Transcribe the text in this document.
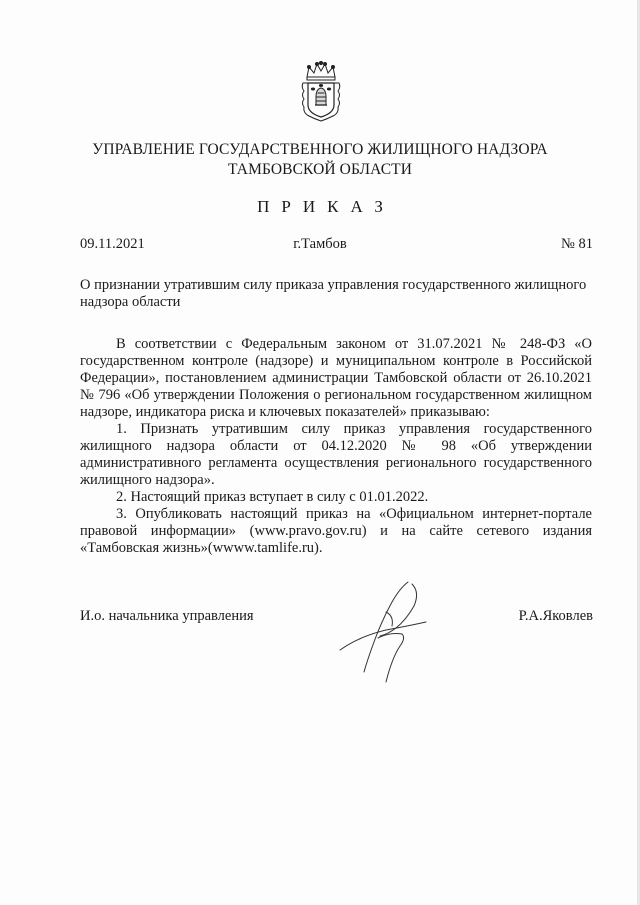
УПРАВЛЕНИЕ ГОСУДАРСТВЕННОГО ЖИЛИЩНОГО НАДЗОРА
ТАМБОВСКОЙ ОБЛАСТИ
ПРИКАЗ
09.11.2021	г.Тамбов	№ 81
О признании утратившим силу приказа управления государственного жилищного надзора области

В соответствии с Федеральным законом от 31.07.2021 № 248-ФЗ «О государственном контроле (надзоре) и муниципальном контроле в Российской Федерации», постановлением администрации Тамбовской области от 26.10.2021 № 796 «Об утверждении Положения о региональном государственном жилищном надзоре, индикатора риска и ключевых показателей» приказываю:

1. Признать утратившим силу приказ управления государственного жилищного надзора области от 04.12.2020 № 98 «Об утверждении административного регламента осуществления регионального государственного жилищного надзора».

2. Настоящий приказ вступает в силу с 01.01.2022.

3. Опубликовать настоящий приказ на «Официальном интернет-портале правовой информации» (www.pravo.gov.ru) и на сайте сетевого издания «Тамбовская жизнь»(wwww.tamlife.ru).

И.о. начальника управления	Р.А.Яковлев
